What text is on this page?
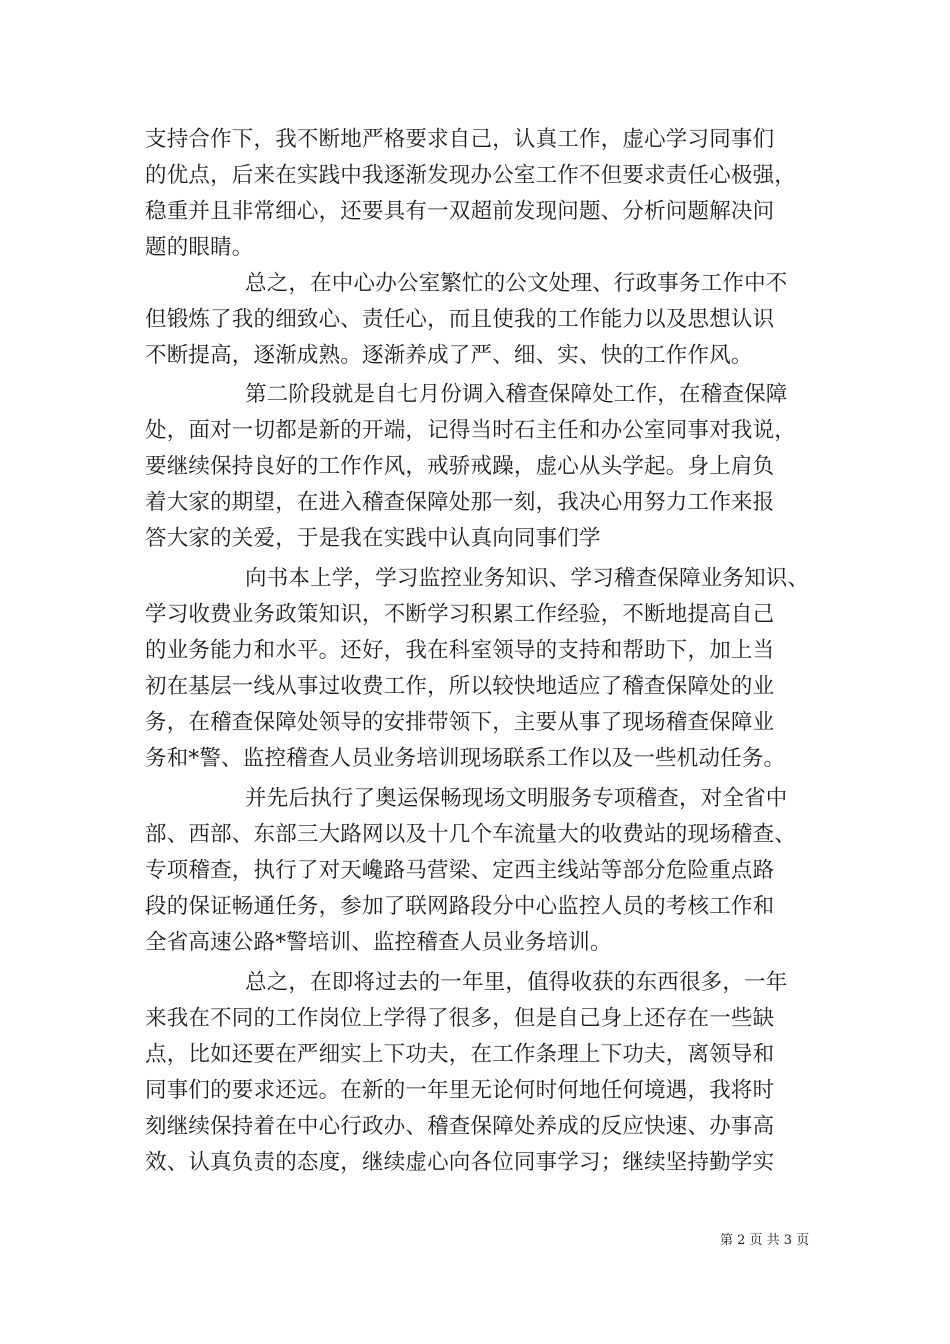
支持合作下，我不断地严格要求自己，认真工作，虚心学习同事们
的优点，后来在实践中我逐渐发现办公室工作不但要求责任心极强，
稳重并且非常细心，还要具有一双超前发现问题、分析问题解决问
题的眼睛。
总之，在中心办公室繁忙的公文处理、行政事务工作中不
但锻炼了我的细致心、责任心，而且使我的工作能力以及思想认识
不断提高，逐渐成熟。逐渐养成了严、细、实、快的工作作风。
第二阶段就是自七月份调入稽查保障处工作，在稽查保障
处，面对一切都是新的开端，记得当时石主任和办公室同事对我说，
要继续保持良好的工作作风，戒骄戒躁，虚心从头学起。身上肩负
着大家的期望，在进入稽查保障处那一刻，我决心用努力工作来报
答大家的关爱，于是我在实践中认真向同事们学
向书本上学，学习监控业务知识、学习稽查保障业务知识、
学习收费业务政策知识，不断学习积累工作经验，不断地提高自己
的业务能力和水平。还好，我在科室领导的支持和帮助下，加上当
初在基层一线从事过收费工作，所以较快地适应了稽查保障处的业
务，在稽查保障处领导的安排带领下，主要从事了现场稽查保障业
务和*警、监控稽查人员业务培训现场联系工作以及一些机动任务。
并先后执行了奥运保畅现场文明服务专项稽查，对全省中
部、西部、东部三大路网以及十几个车流量大的收费站的现场稽查、
专项稽查，执行了对天巉路马营梁、定西主线站等部分危险重点路
段的保证畅通任务，参加了联网路段分中心监控人员的考核工作和
全省高速公路*警培训、监控稽查人员业务培训。
总之，在即将过去的一年里，值得收获的东西很多，一年
来我在不同的工作岗位上学得了很多，但是自己身上还存在一些缺
点，比如还要在严细实上下功夫，在工作条理上下功夫，离领导和
同事们的要求还远。在新的一年里无论何时何地任何境遇，我将时
刻继续保持着在中心行政办、稽查保障处养成的反应快速、办事高
效、认真负责的态度，继续虚心向各位同事学习；继续坚持勤学实
第 2 页 共 3 页
